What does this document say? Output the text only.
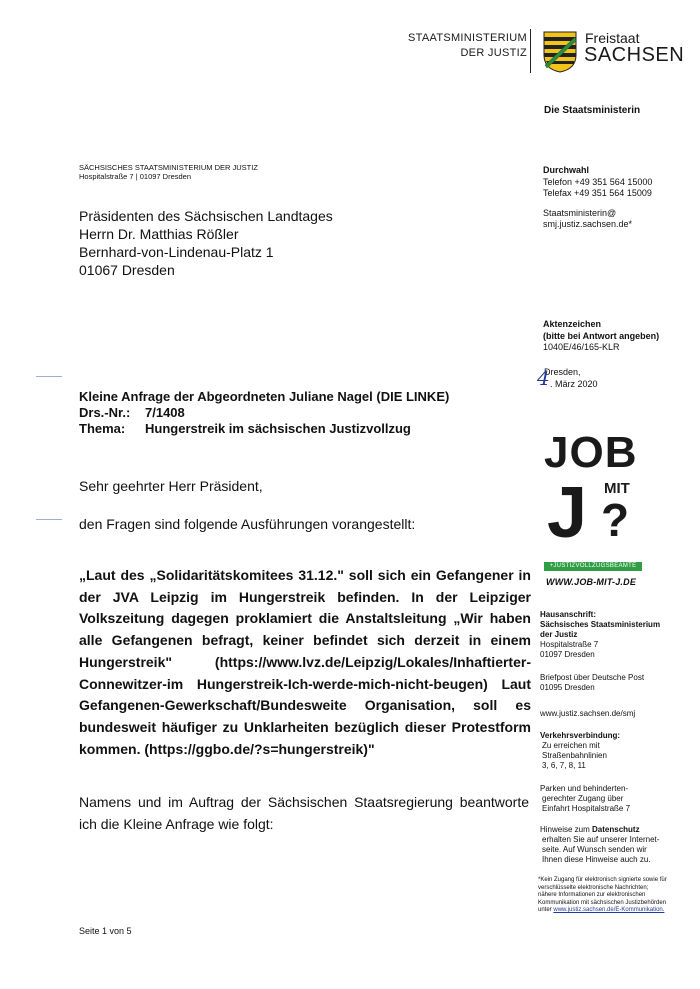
STAATSMINISTERIUM
DER JUSTIZ
Freistaat
SACHSEN
Die Staatsministerin
SÄCHSISCHES STAATSMINISTERIUM DER JUSTIZ
Hospitalstraße 7 | 01097 Dresden
Präsidenten des Sächsischen Landtages
Herrn Dr. Matthias Rößler
Bernhard-von-Lindenau-Platz 1
01067 Dresden
Durchwahl
Telefon +49 351 564 15000
Telefax +49 351 564 15009
Staatsministerin@
smj.justiz.sachsen.de*
Aktenzeichen
(bitte bei Antwort angeben)
1040E/46/165-KLR
Dresden,
4 . März 2020
Kleine Anfrage der Abgeordneten Juliane Nagel (DIE LINKE)
Drs.-Nr.: 7/1408
Thema: Hungerstreik im sächsischen Justizvollzug
Sehr geehrter Herr Präsident,
den Fragen sind folgende Ausführungen vorangestellt:
„Laut des „Solidaritätskomitees 31.12." soll sich ein Gefangener in der JVA Leipzig im Hungerstreik befinden. In der Leipziger Volkszeitung dagegen proklamiert die Anstaltsleitung „Wir haben alle Gefangenen befragt, keiner befindet sich derzeit in einem Hungerstreik" (https://www.lvz.de/Leipzig/Lokales/Inhaftierter-Connewitzer-im Hungerstreik-Ich-werde-mich-nicht-beugen) Laut Gefangenen-Gewerkschaft/Bundesweite Organisation, soll es bundesweit häufiger zu Unklarheiten bezüglich dieser Protestform kommen. (https://ggbo.de/?s=hungerstreik)"
Namens und im Auftrag der Sächsischen Staatsregierung beantworte ich die Kleine Anfrage wie folgt:
Seite 1 von 5
JOB
J MIT
?
+JUSTIZVOLLZUGSBEAMTE
WWW.JOB-MIT-J.DE
Hausanschrift:
Sächsisches Staatsministerium
der Justiz
Hospitalstraße 7
01097 Dresden
Briefpost über Deutsche Post
01095 Dresden
www.justiz.sachsen.de/smj
Verkehrsverbindung:
Zu erreichen mit
Straßenbahnlinien
3, 6, 7, 8, 11
Parken und behinderten-
gerechter Zugang über
Einfahrt Hospitalstraße 7
Hinweise zum Datenschutz
erhalten Sie auf unserer Internet-
seite. Auf Wunsch senden wir
Ihnen diese Hinweise auch zu.
*Kein Zugang für elektronisch signierte sowie für verschlüsselte elektronische Nachrichten; nähere Informationen zur elektronischen Kommunikation mit sächsischen Justizbehörden unter www.justiz.sachsen.de/E-Kommunikation.
